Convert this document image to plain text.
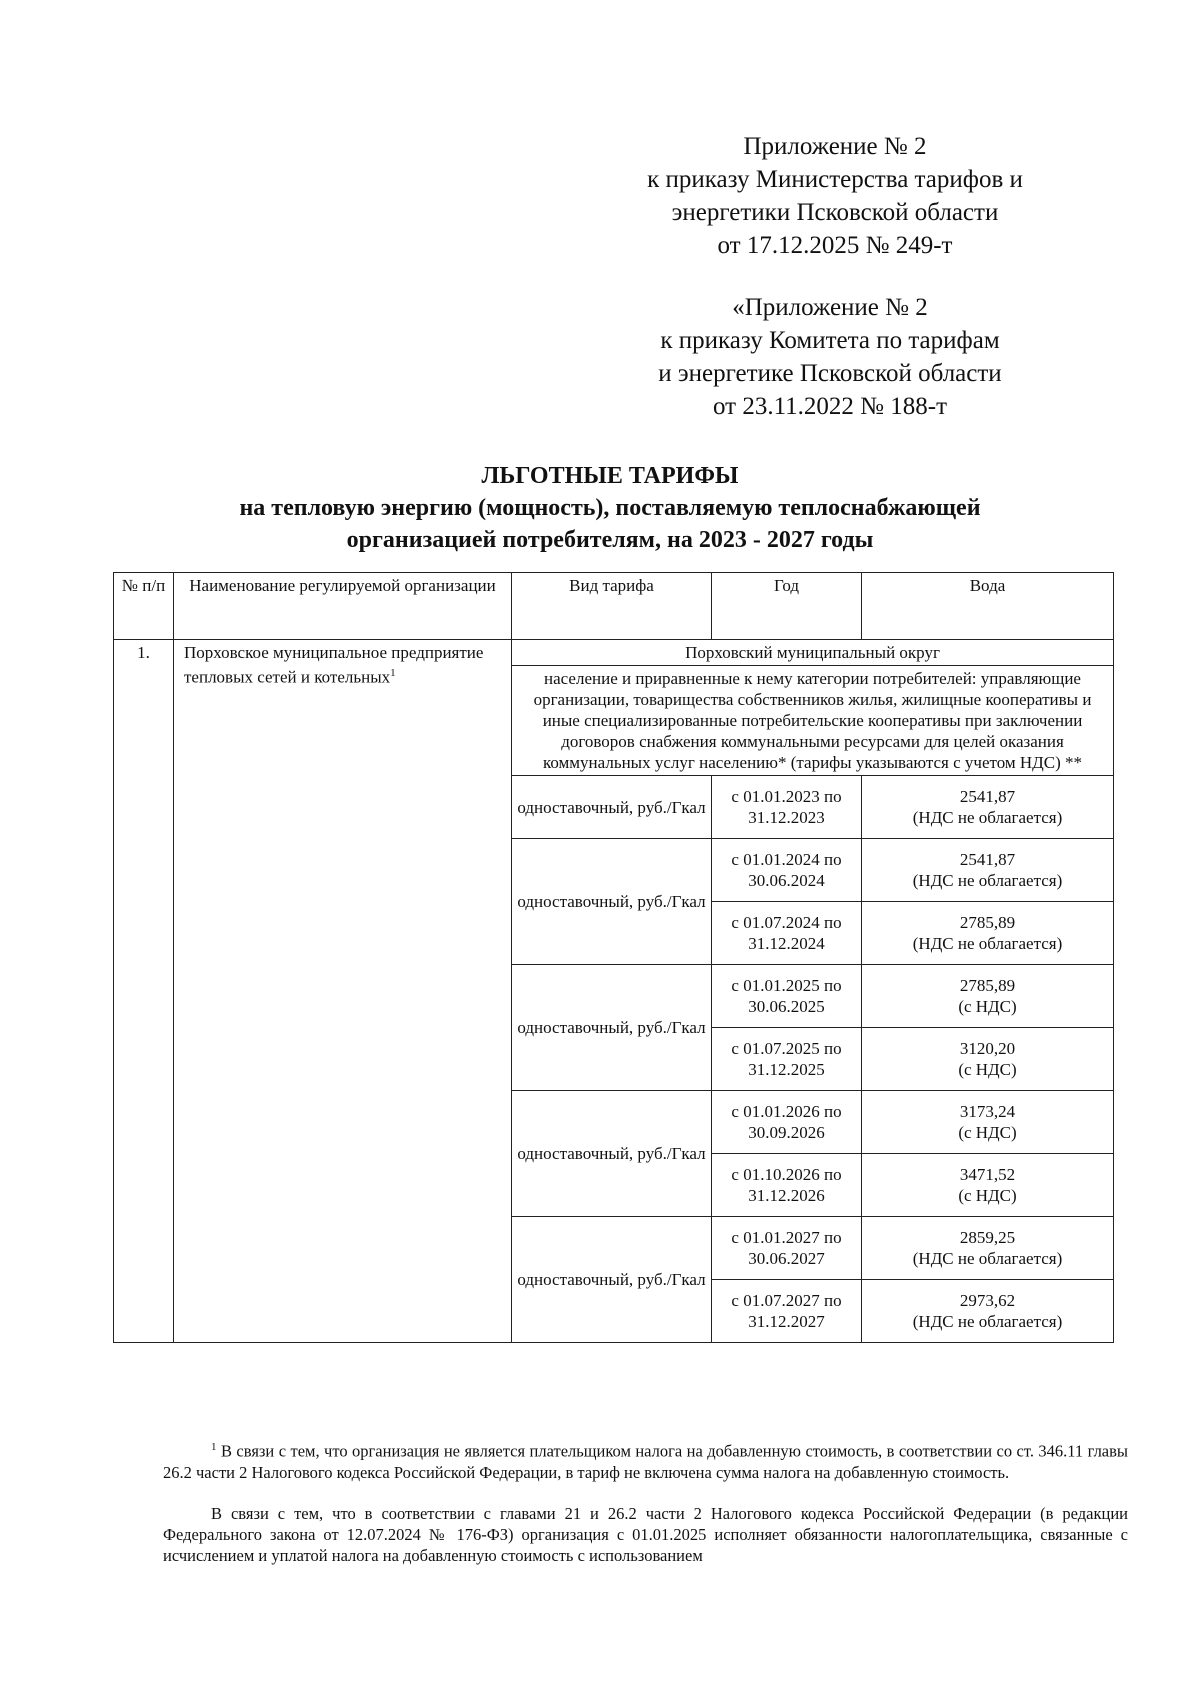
Приложение № 2
к приказу Министерства тарифов и
энергетики Псковской области
от 17.12.2025 № 249-т
«Приложение № 2
к приказу Комитета по тарифам
и энергетике Псковской области
от 23.11.2022 № 188-т
ЛЬГОТНЫЕ ТАРИФЫ
на тепловую энергию (мощность), поставляемую теплоснабжающей
организацией потребителям, на 2023 - 2027 годы
№ п/п	Наименование регулируемой организации	Вид тарифа	Год	Вода
1.	Порховское муниципальное предприятие тепловых сетей и котельных$^1$	Порховский муниципальный округ		
		население и приравненные к нему категории потребителей: управляющие организации, товарищества собственников жилья, жилищные кооперативы и иные специализированные потребительские кооперативы при заключении договоров снабжения коммунальными ресурсами для целей оказания коммунальных услуг населению* (тарифы указываются с учетом НДС) **		
		одноставочный, руб./Гкал	с 01.01.2023 по 31.12.2023	2541,87
(НДС не облагается)

		одноставочный, руб./Гкал	с 01.01.2024 по 30.06.2024	2541,87
(НДС не облагается)

			с 01.07.2024 по 31.12.2024	2785,89
(НДС не облагается)

		одноставочный, руб./Гкал	с 01.01.2025 по 30.06.2025	2785,89
(с НДС)

			с 01.07.2025 по 31.12.2025	3120,20
(с НДС)

		одноставочный, руб./Гкал	с 01.01.2026 по 30.09.2026	3173,24
(с НДС)

			с 01.10.2026 по 31.12.2026	3471,52
(с НДС)

		одноставочный, руб./Гкал	с 01.01.2027 по 30.06.2027	2859,25
(НДС не облагается)

			с 01.07.2027 по 31.12.2027	2973,62
(НДС не облагается)
$^1$ В связи с тем, что организация не является плательщиком налога на добавленную стоимость, в соответствии со ст. 346.11 главы 26.2 части 2 Налогового кодекса Российской Федерации, в тариф не включена сумма налога на добавленную стоимость.
В связи с тем, что в соответствии с главами 21 и 26.2 части 2 Налогового кодекса Российской Федерации (в редакции Федерального закона от 12.07.2024 № 176-ФЗ) организация с 01.01.2025 исполняет обязанности налогоплательщика, связанные с исчислением и уплатой налога на добавленную стоимость с использованием
